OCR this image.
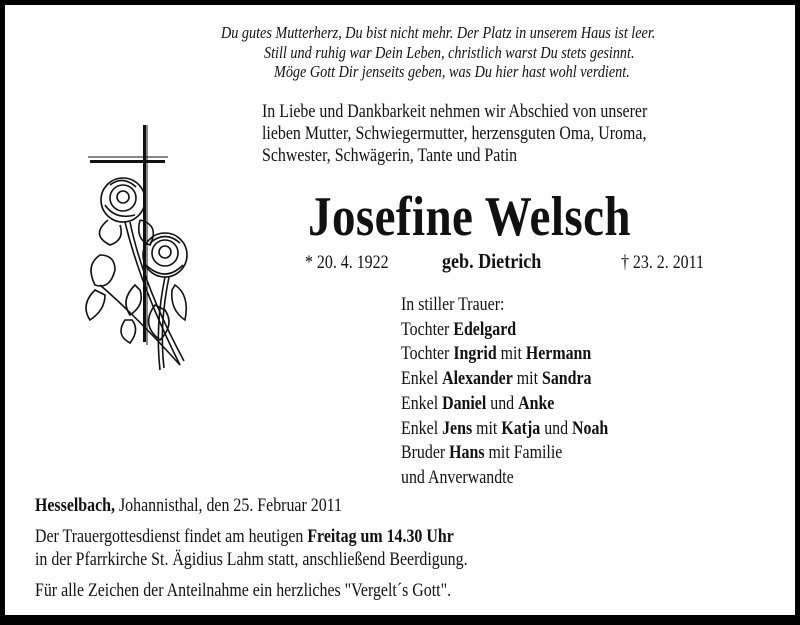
Du gutes Mutterherz, Du bist nicht mehr. Der Platz in unserem Haus ist leer.
Still und ruhig war Dein Leben, christlich warst Du stets gesinnt.
Möge Gott Dir jenseits geben, was Du hier hast wohl verdient.
In Liebe und Dankbarkeit nehmen wir Abschied von unserer
lieben Mutter, Schwiegermutter, herzensguten Oma, Uroma,
Schwester, Schwägerin, Tante und Patin
Josefine Welsch
* 20. 4. 1922	geb. Dietrich	† 23. 2. 2011
In stiller Trauer:
Tochter Edelgard
Tochter Ingrid mit Hermann
Enkel Alexander mit Sandra
Enkel Daniel und Anke
Enkel Jens mit Katja und Noah
Bruder Hans mit Familie
und Anverwandte
Hesselbach, Johannisthal, den 25. Februar 2011
Der Trauergottesdienst findet am heutigen Freitag um 14.30 Uhr
in der Pfarrkirche St. Ägidius Lahm statt, anschließend Beerdigung.
Für alle Zeichen der Anteilnahme ein herzliches "Vergelt´s Gott".
